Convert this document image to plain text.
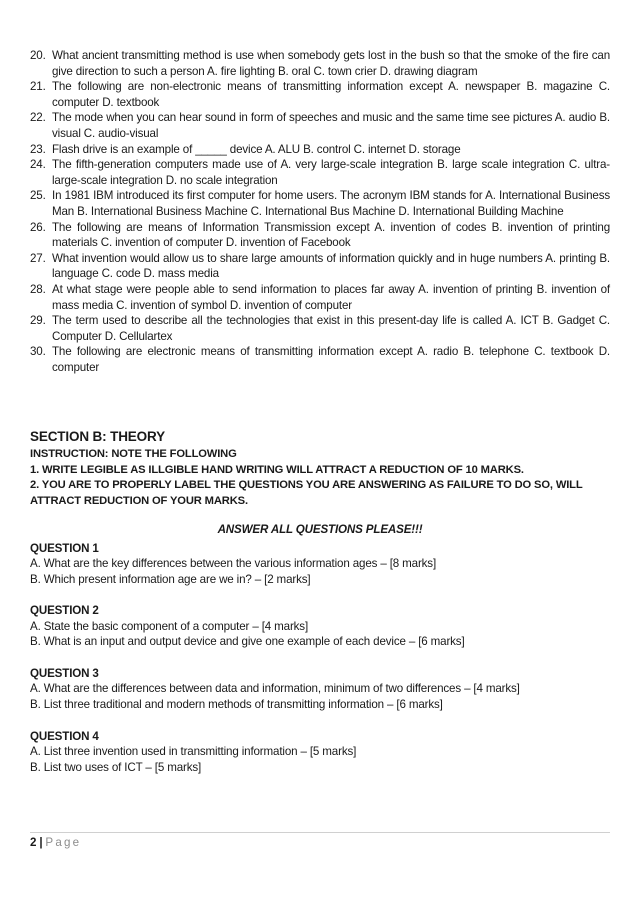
20. What ancient transmitting method is use when somebody gets lost in the bush so that the smoke of the fire can give direction to such a person A. fire lighting B. oral C. town crier D. drawing diagram
21. The following are non-electronic means of transmitting information except A. newspaper B. magazine C. computer D. textbook
22. The mode when you can hear sound in form of speeches and music and the same time see pictures A. audio B. visual C. audio-visual
23. Flash drive is an example of _____ device A. ALU B. control C. internet D. storage
24. The fifth-generation computers made use of A. very large-scale integration B. large scale integration C. ultra-large-scale integration D. no scale integration
25. In 1981 IBM introduced its first computer for home users. The acronym IBM stands for A. International Business Man B. International Business Machine C. International Bus Machine D. International Building Machine
26. The following are means of Information Transmission except A. invention of codes B. invention of printing materials C. invention of computer D. invention of Facebook
27. What invention would allow us to share large amounts of information quickly and in huge numbers A. printing B. language C. code D. mass media
28. At what stage were people able to send information to places far away A. invention of printing B. invention of mass media C. invention of symbol D. invention of computer
29. The term used to describe all the technologies that exist in this present-day life is called A. ICT B. Gadget C. Computer D. Cellulartex
30. The following are electronic means of transmitting information except A. radio B. telephone C. textbook D. computer
SECTION B: THEORY
INSTRUCTION: NOTE THE FOLLOWING
1. WRITE LEGIBLE AS ILLGIBLE HAND WRITING WILL ATTRACT A REDUCTION OF 10 MARKS.
2. YOU ARE TO PROPERLY LABEL THE QUESTIONS YOU ARE ANSWERING AS FAILURE TO DO SO, WILL ATTRACT REDUCTION OF YOUR MARKS.
ANSWER ALL QUESTIONS PLEASE!!!
QUESTION 1
A. What are the key differences between the various information ages – [8 marks]
B. Which present information age are we in? – [2 marks]
QUESTION 2
A. State the basic component of a computer – [4 marks]
B. What is an input and output device and give one example of each device – [6 marks]
QUESTION 3
A. What are the differences between data and information, minimum of two differences – [4 marks]
B. List three traditional and modern methods of transmitting information – [6 marks]
QUESTION 4
A. List three invention used in transmitting information – [5 marks]
B. List two uses of ICT – [5 marks]
2 | Page
